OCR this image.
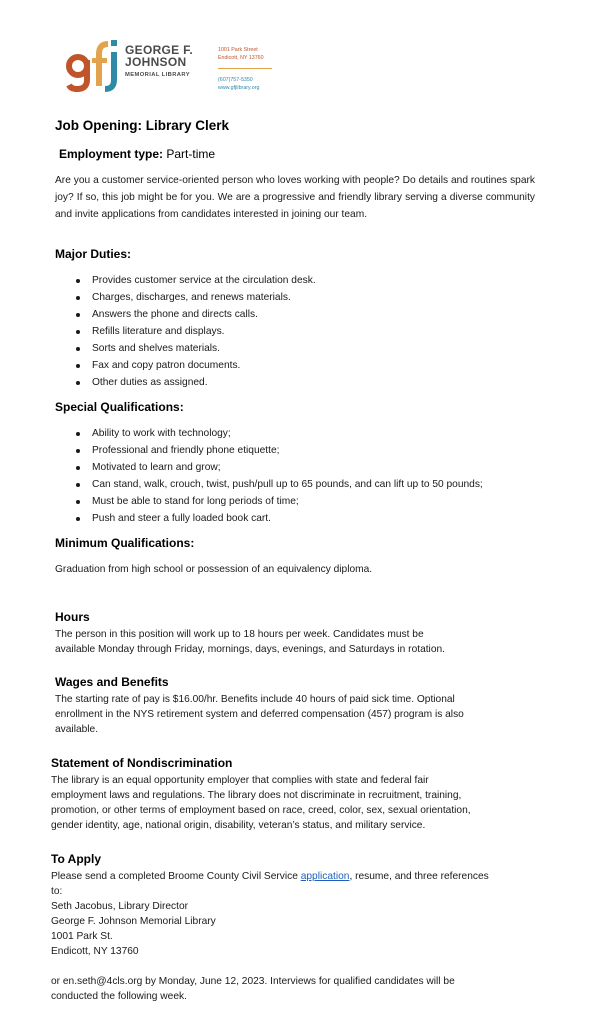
GEORGE F.
JOHNSON
MEMORIAL LIBRARY
1001 Park Street
Endicott, NY 13760
(607)757-5350
www.gfjlibrary.org
Job Opening: Library Clerk
Employment type: Part-time
Are you a customer service-oriented person who loves working with people? Do details and routines spark joy? If so, this job might be for you. We are a progressive and friendly library serving a diverse community and invite applications from candidates interested in joining our team.
Major Duties:
Provides customer service at the circulation desk.
Charges, discharges, and renews materials.
Answers the phone and directs calls.
Refills literature and displays.
Sorts and shelves materials.
Fax and copy patron documents.
Other duties as assigned.
Special Qualifications:
Ability to work with technology;
Professional and friendly phone etiquette;
Motivated to learn and grow;
Can stand, walk, crouch, twist, push/pull up to 65 pounds, and can lift up to 50 pounds;
Must be able to stand for long periods of time;
Push and steer a fully loaded book cart.
Minimum Qualifications:
Graduation from high school or possession of an equivalency diploma.
Hours
The person in this position will work up to 18 hours per week. Candidates must be
available Monday through Friday, mornings, days, evenings, and Saturdays in rotation.
Wages and Benefits
The starting rate of pay is $16.00/hr. Benefits include 40 hours of paid sick time. Optional
enrollment in the NYS retirement system and deferred compensation (457) program is also
available.
Statement of Nondiscrimination
The library is an equal opportunity employer that complies with state and federal fair
employment laws and regulations. The library does not discriminate in recruitment, training,
promotion, or other terms of employment based on race, creed, color, sex, sexual orientation,
gender identity, age, national origin, disability, veteran’s status, and military service.
To Apply
Please send a completed Broome County Civil Service application, resume, and three references
to:
Seth Jacobus, Library Director
George F. Johnson Memorial Library
1001 Park St.
Endicott, NY 13760
or en.seth@4cls.org by Monday, June 12, 2023. Interviews for qualified candidates will be
conducted the following week.
